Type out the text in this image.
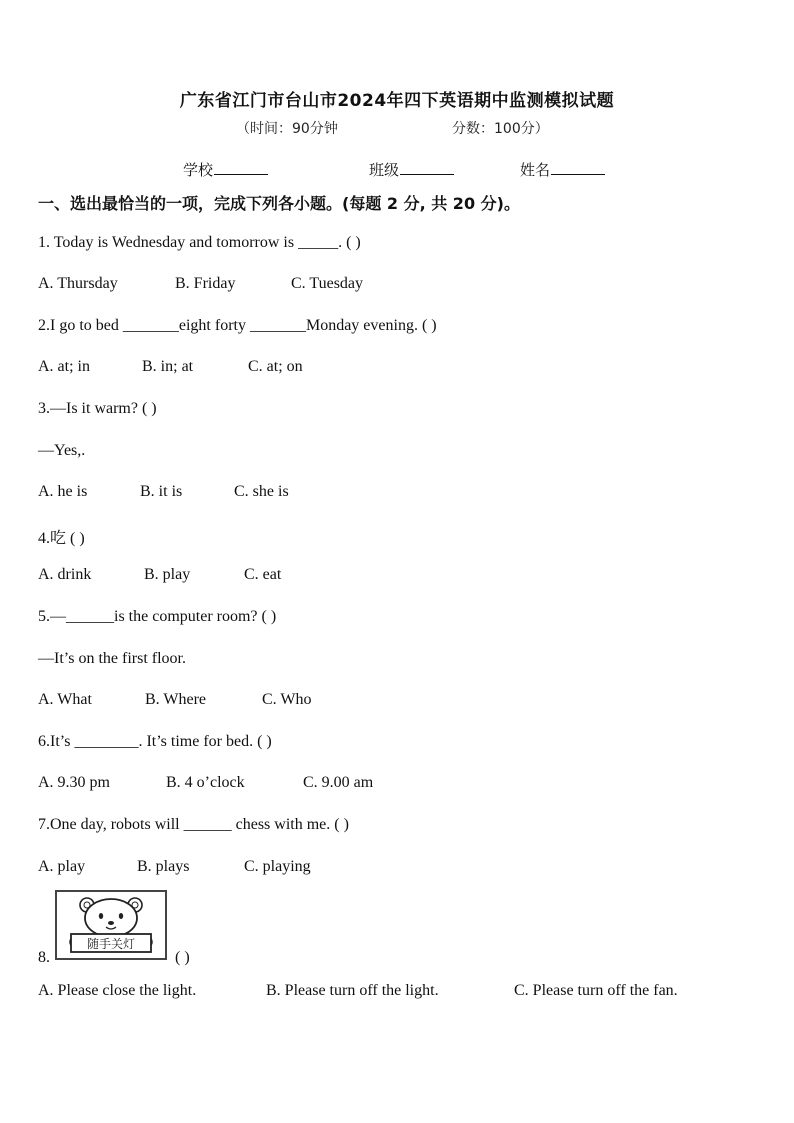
广东省江门市台山市2024年四下英语期中监测模拟试题
（时间：90分钟	分数：100分）
学校	班级	姓名
一、选出最恰当的一项，完成下列各小题。(每题 2 分, 共 20 分)。
1. Today is Wednesday and tomorrow is _____. ( )
A. Thursday	B. Friday	C. Tuesday
2.I go to bed _______eight forty _______Monday evening. ( )
A. at; in	B. in; at	C. at; on
3.—Is it warm? ( )
—Yes,.
A. he is	B. it is	C. she is
4.吃 ( )
A. drink	B. play	C. eat
5.—______is the computer room? ( )
—It’s on the first floor.
A. What	B. Where	C. Who
6.It’s ________. It’s time for bed. ( )
A. 9.30 pm	B. 4 o’clock	C. 9.00 am
7.One day, robots will ______ chess with me. ( )
A. play	B. plays	C. playing
8.
随手关灯
( )
A. Please close the light.	B. Please turn off the light.	C. Please turn off the fan.
